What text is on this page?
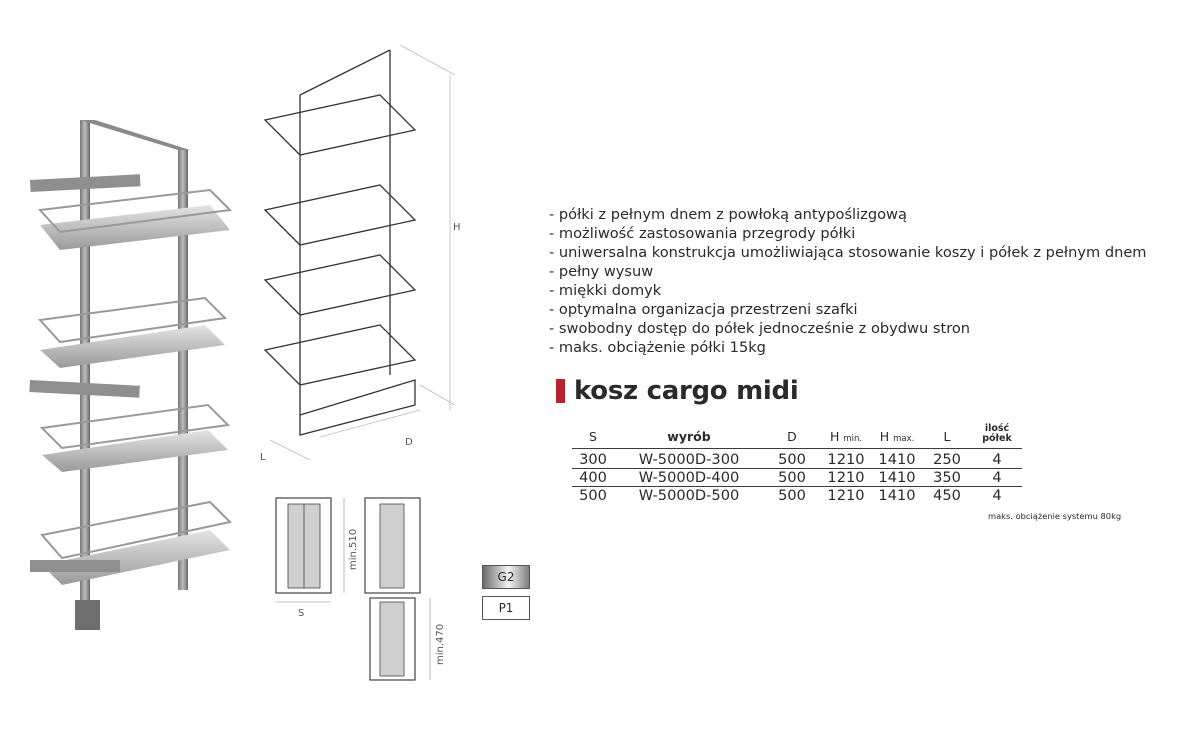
H
D
L
S
min.510
min.470
- półki z pełnym dnem z powłoką antypoślizgową
- możliwość zastosowania przegrody półki
- uniwersalna konstrukcja umożliwiająca stosowanie koszy i półek z pełnym dnem
- pełny wysuw
- miękki domyk
- optymalna organizacja przestrzeni szafki
- swobodny dostęp do półek jednocześnie z obydwu stron
- maks. obciążenie półki 15kg
kosz cargo midi
S	wyrób	D	H min.	H max.	L	ilość
półek

300	W-5000D-300	500	1210	1410	250	4
400	W-5000D-400	500	1210	1410	350	4
500	W-5000D-500	500	1210	1410	450	4
maks. obciążenie systemu 80kg
G2
P1
